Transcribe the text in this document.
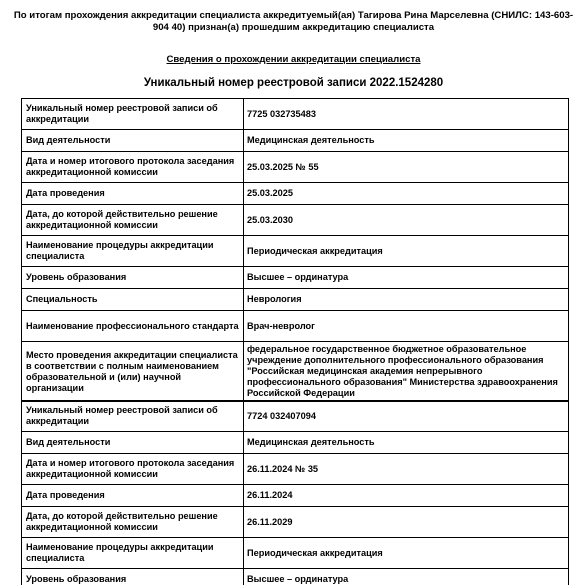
По итогам прохождения аккредитации специалиста аккредитуемый(ая) Тагирова Рина Марселевна (СНИЛС: 143-603-904 40) признан(а) прошедшим аккредитацию специалиста
Сведения о прохождении аккредитации специалиста
Уникальный номер реестровой записи 2022.1524280
Уникальный номер реестровой записи об аккредитации	7725 032735483
Вид деятельности	Медицинская деятельность
Дата и номер итогового протокола заседания аккредитационной комиссии	25.03.2025 № 55
Дата проведения	25.03.2025
Дата, до которой действительно решение аккредитационной комиссии	25.03.2030
Наименование процедуры аккредитации специалиста	Периодическая аккредитация
Уровень образования	Высшее – ординатура
Специальность	Неврология
Наименование профессионального стандарта	Врач-невролог
Место проведения аккредитации специалиста в соответствии с полным наименованием образовательной и (или) научной организации	федеральное государственное бюджетное образовательное учреждение дополнительного профессионального образования "Российская медицинская академия непрерывного профессионального образования" Министерства здравоохранения Российской Федерации
Уникальный номер реестровой записи об аккредитации	7724 032407094
Вид деятельности	Медицинская деятельность
Дата и номер итогового протокола заседания аккредитационной комиссии	26.11.2024 № 35
Дата проведения	26.11.2024
Дата, до которой действительно решение аккредитационной комиссии	26.11.2029
Наименование процедуры аккредитации специалиста	Периодическая аккредитация
Уровень образования	Высшее – ординатура
